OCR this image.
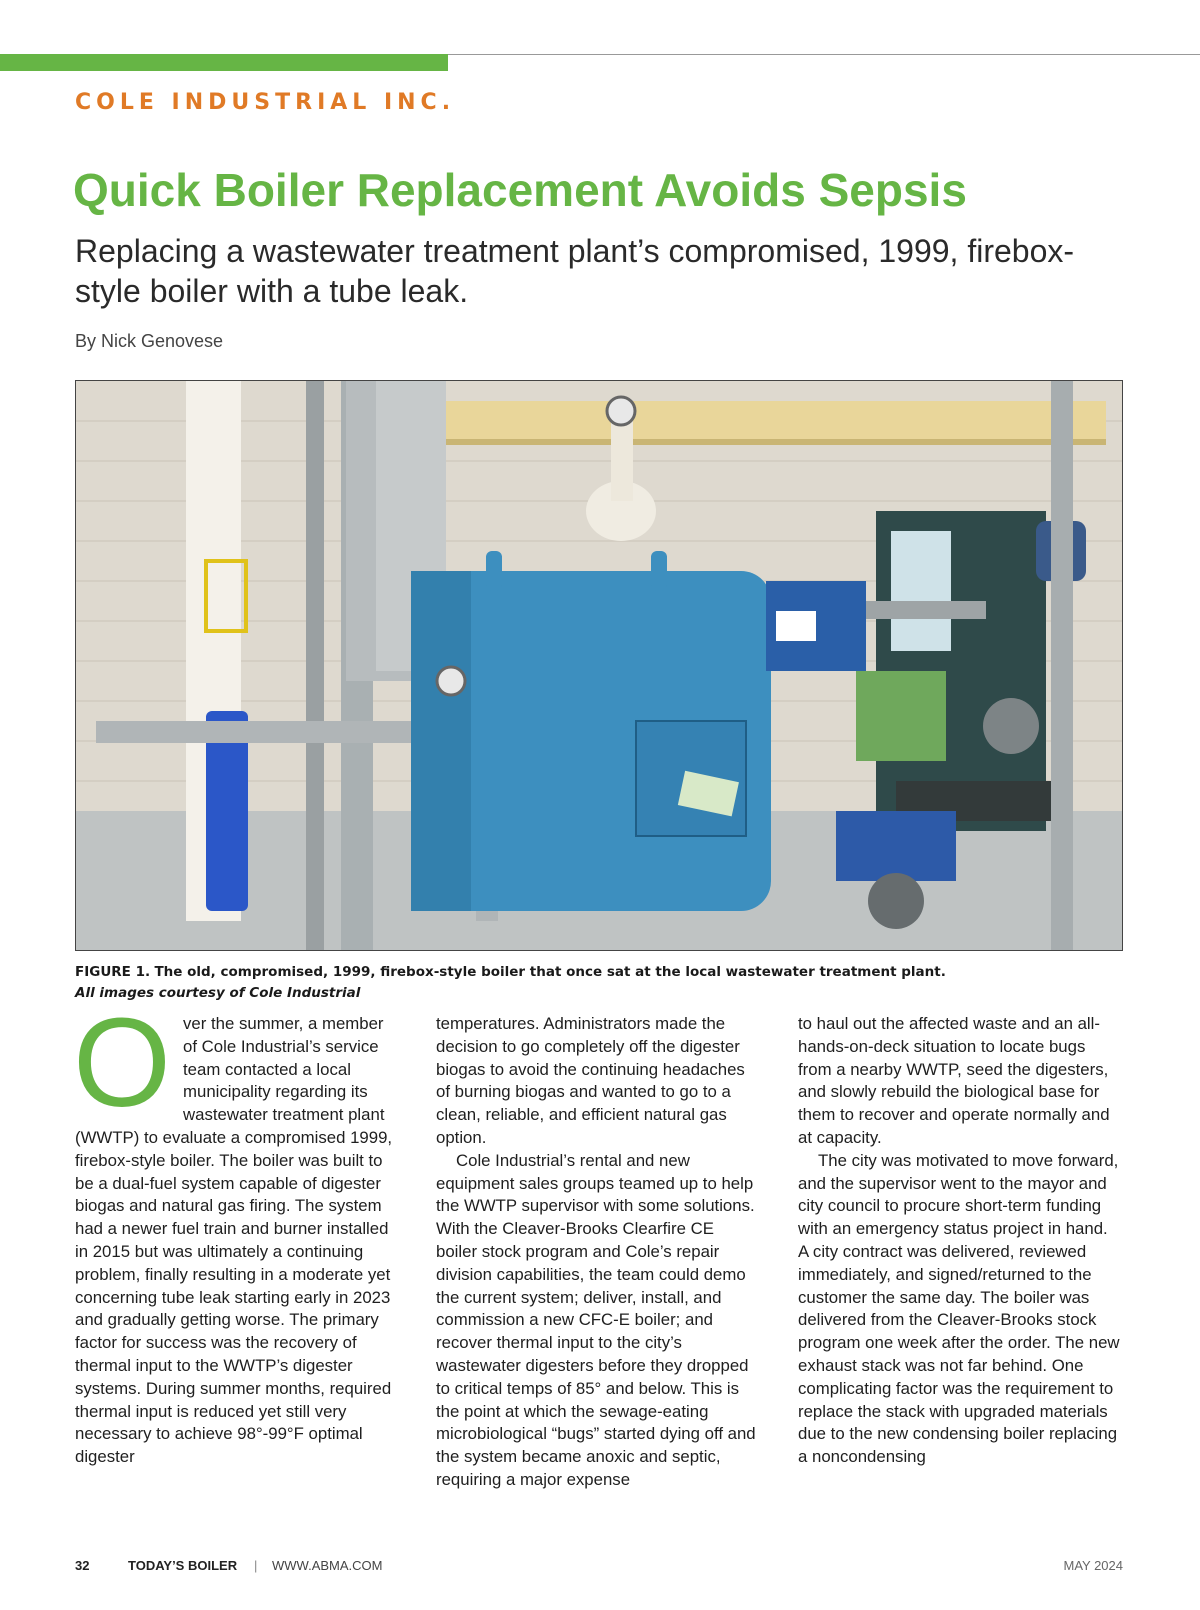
COLE INDUSTRIAL INC.
Quick Boiler Replacement Avoids Sepsis
Replacing a wastewater treatment plant’s compromised, 1999, firebox-style boiler with a tube leak.
By Nick Genovese
FIGURE 1. The old, compromised, 1999, firebox-style boiler that once sat at the local wastewater treatment plant.
All images courtesy of Cole Industrial

Over the summer, a member of Cole Industrial’s service team contacted a local municipality regarding its wastewater treatment plant (WWTP) to evaluate a compromised 1999, firebox-style boiler. The boiler was built to be a dual-fuel system capable of digester biogas and natural gas firing. The system had a newer fuel train and burner installed in 2015 but was ultimately a continuing problem, finally resulting in a moderate yet concerning tube leak starting early in 2023 and gradually getting worse. The primary factor for success was the recovery of thermal input to the WWTP’s digester systems. During summer months, required thermal input is reduced yet still very necessary to achieve 98°-99°F optimal digester

temperatures. Administrators made the decision to go completely off the digester biogas to avoid the continuing headaches of burning biogas and wanted to go to a clean, reliable, and efficient natural gas option.

Cole Industrial’s rental and new equipment sales groups teamed up to help the WWTP supervisor with some solutions. With the Cleaver-Brooks Clearfire CE boiler stock program and Cole’s repair division capabilities, the team could demo the current system; deliver, install, and commission a new CFC-E boiler; and recover thermal input to the city’s wastewater digesters before they dropped to critical temps of 85° and below. This is the point at which the sewage-eating microbiological “bugs” started dying off and the system became anoxic and septic, requiring a major expense

to haul out the affected waste and an all-hands-on-deck situation to locate bugs from a nearby WWTP, seed the digesters, and slowly rebuild the biological base for them to recover and operate normally and at capacity.

The city was motivated to move forward, and the supervisor went to the mayor and city council to procure short-term funding with an emergency status project in hand. A city contract was delivered, reviewed immediately, and signed/returned to the customer the same day. The boiler was delivered from the Cleaver-Brooks stock program one week after the order. The new exhaust stack was not far behind. One complicating factor was the requirement to replace the stack with upgraded materials due to the new condensing boiler replacing a noncondensing

32	TODAY’S BOILER | WWW.ABMA.COM	MAY 2024
